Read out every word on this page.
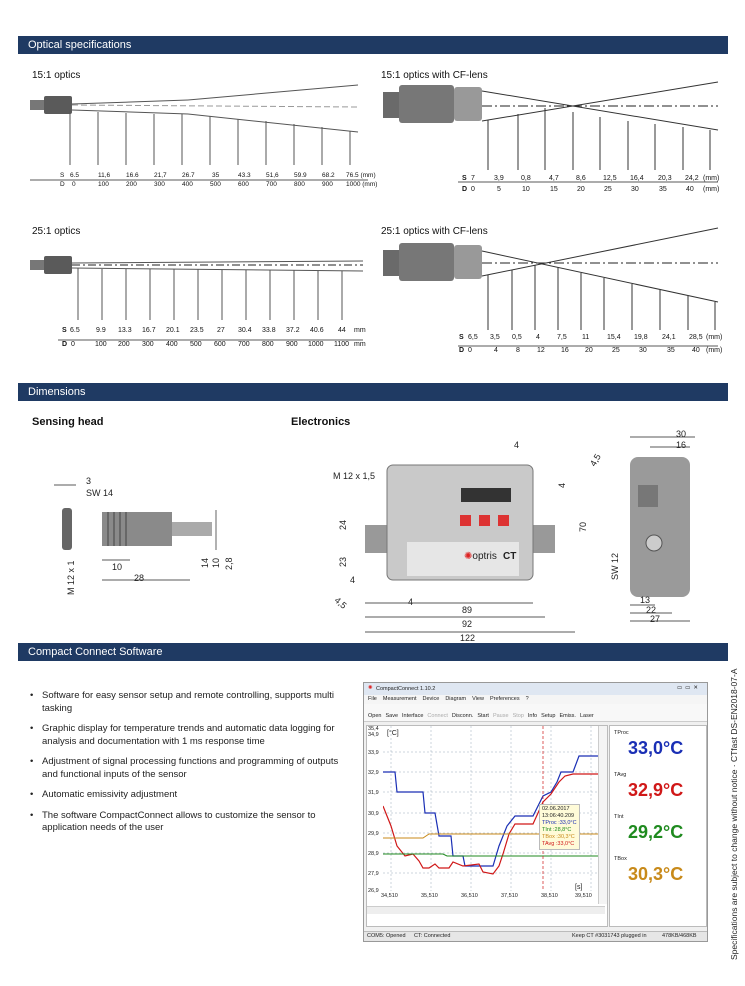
Optical specifications
Dimensions
Compact Connect Software
15:1 optics	15:1 optics with CF-lens
25:1 optics	25:1 optics with CF-lens
S
D
6.5	11,6 16.6 21,7 26.7	35	43.3 51,6 59.9 68.2 76.5 (mm)
0	100	200	300	400	500	600	700	800	900 1000 (mm)
S
D
7	3,9 0,8	4,7 8,6 12,5 16,4 20,3 24,2 (mm)
0	5	10	15	20	25	30	35	40 (mm)
S
D
6.5 9.9 13.3 16.7 20.1 23.5 27 30.4 33.8 37.2 40.6 44 mm
0	100 200 300 400 500 600 700 800 900 1000 1100 mm
S
D
6,5 3,5 0,5 4 7,5 11	15,4 19,8 24,1 28,5 (mm)
0	4	8 12 16 20	25	30	35 40 (mm)
Sensing head	Electronics
3
SW 14
M 12 x 1	10
28
14 10 2,8
✺optris CT
M 12 x 1,5
4
4,5
4
24
23
4
4,5	4
70
89
92
122
30
16
SW 12
13
22
27
• Software for easy sensor setup and remote controlling, supports multi tasking
• Graphic display for temperature trends and automatic data logging for analysis and documentation with 1 ms response time
• Adjustment of signal processing functions and programming of outputs and functional inputs of the sensor
• Automatic emissivity adjustment
• The software CompactConnect allows to customize the sensor to application needs of the user
✺ CompactConnect 1.10.2	▭▭✕
File Measurement Device Diagram View Preferences ?
Open Save Interface Connect Disconn. Start Pause Stop Info Setup Emiss. Laser
[°C]
35,4
34,9
33,9
32,9
31,9
30,9
29,9
28,9
27,9
26,9
02.06.2017
13:06:40.209
TProc :33,0°C
TInt :28,8°C
TBox :30,3°C
TAvg :33,0°C
34,510	35,510	36,510	37,510	38,510	39,510
[s]
TProc
33,0°C
TAvg
32,9°C
TInt
29,2°C
TBox
30,3°C
COM5: Opened CT: Connected	Keep CT #3031743 plugged in	478KB/468KB	Specifications are subject to change without notice · CTfast DS-EN2018-07-A
